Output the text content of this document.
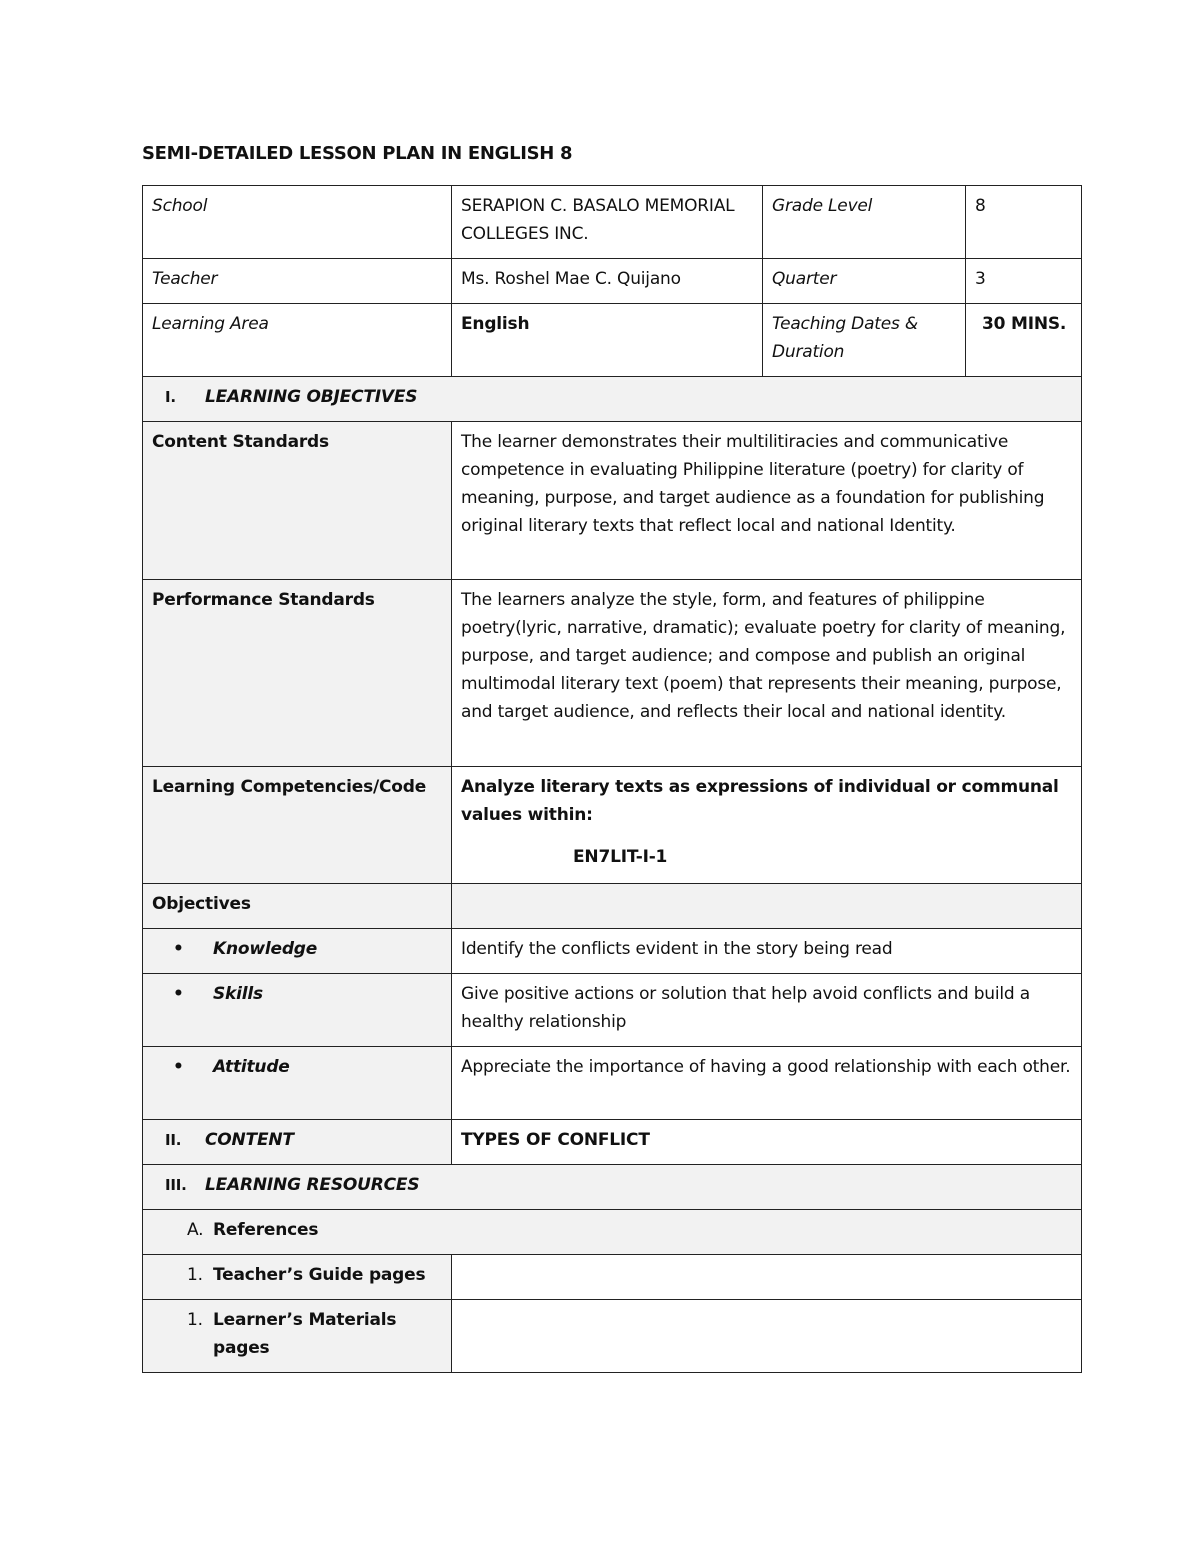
SEMI-DETAILED LESSON PLAN IN ENGLISH 8
School	SERAPION C. BASALO MEMORIAL COLLEGES INC.	Grade Level	8
Teacher	Ms. Roshel Mae C. Quijano	Quarter	3
Learning Area	English	Teaching Dates & Duration	30 MINS.
I. LEARNING OBJECTIVES			
Content Standards	The learner demonstrates their multilitiracies and communicative competence in evaluating Philippine literature (poetry) for clarity of meaning, purpose, and target audience as a foundation for publishing original literary texts that reflect local and national Identity.		
Performance Standards	The learners analyze the style, form, and features of philippine poetry(lyric, narrative, dramatic); evaluate poetry for clarity of meaning, purpose, and target audience; and compose and publish an original multimodal literary text (poem) that represents their meaning, purpose, and target audience, and reflects their local and national identity.		
Learning Competencies/Code	Analyze literary texts as expressions of individual or communal values within:
EN7LIT-I-1		

Objectives			
• Knowledge	Identify the conflicts evident in the story being read		
• Skills	Give positive actions or solution that help avoid conflicts and build a healthy relationship		
• Attitude	Appreciate the importance of having a good relationship with each other.		
II. CONTENT	TYPES OF CONFLICT		
III. LEARNING RESOURCES			
A. References			

1. Teacher’s Guide pages			

1. Learner’s Materials pages			
